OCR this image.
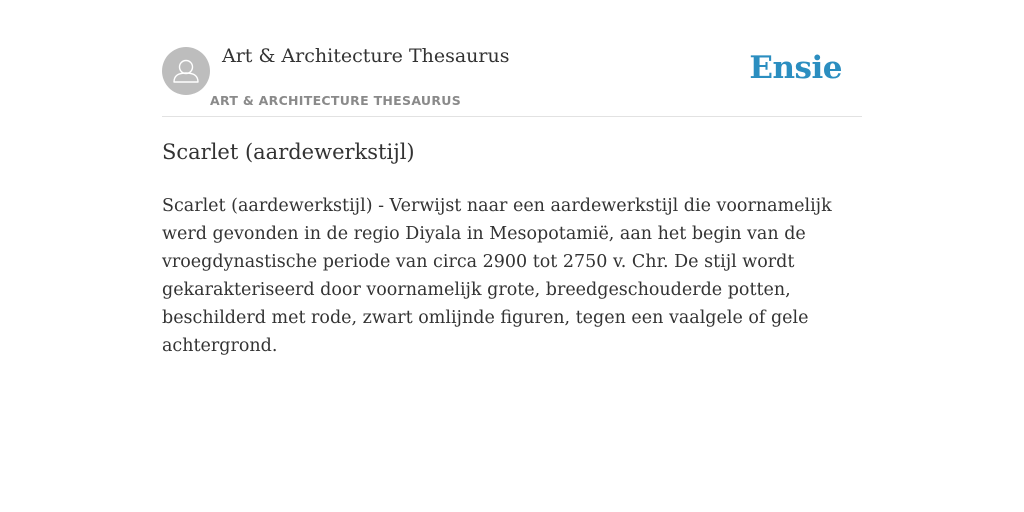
Art & Architecture Thesaurus
ART & ARCHITECTURE THESAURUS
Ensie
Scarlet (aardewerkstijl)

Scarlet (aardewerkstijl) - Verwijst naar een aardewerkstijl die voornamelijk werd gevonden in de regio Diyala in Mesopotamië, aan het begin van de vroegdynastische periode van circa 2900 tot 2750 v. Chr. De stijl wordt gekarakteriseerd door voornamelijk grote, breedgeschouderde potten, beschilderd met rode, zwart omlijnde figuren, tegen een vaalgele of gele achtergrond.
